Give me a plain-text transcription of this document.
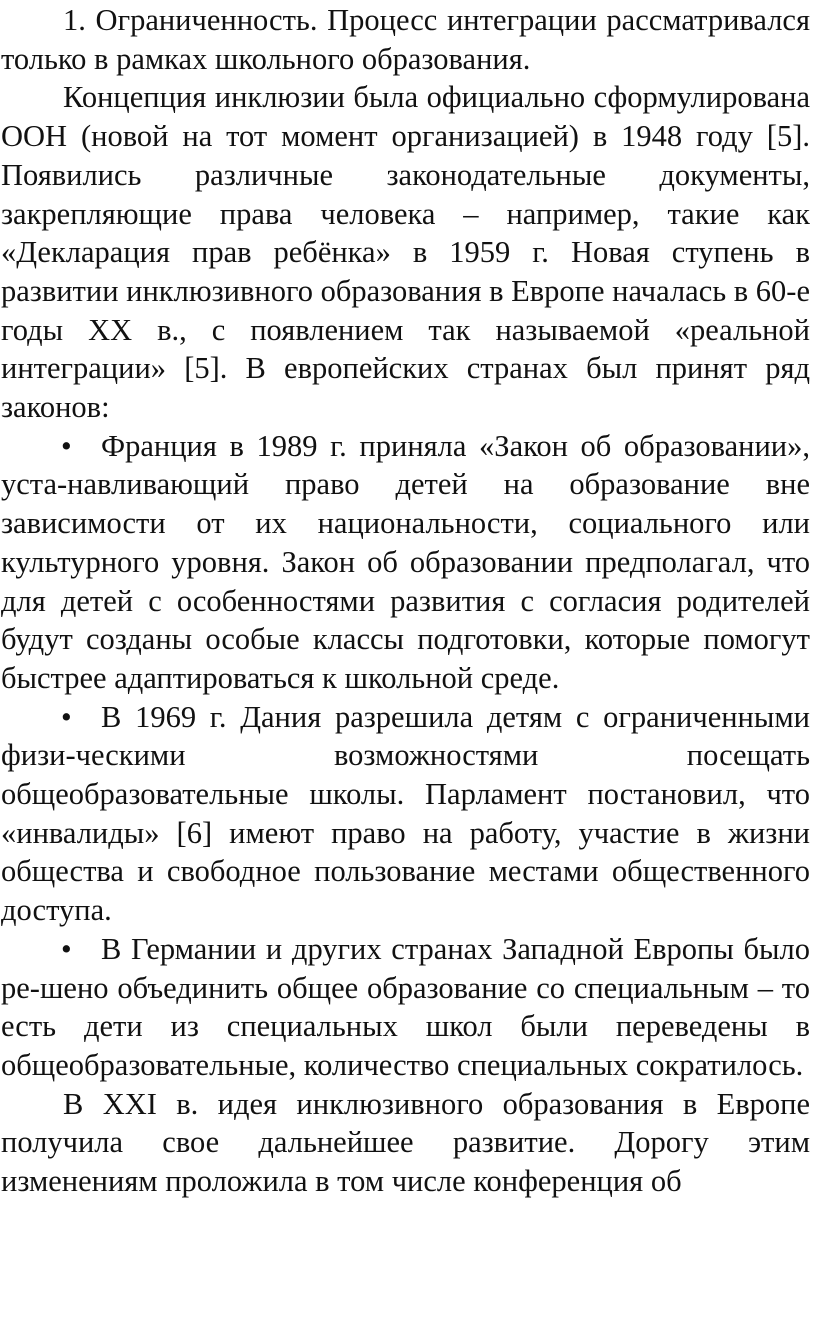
1. Ограниченность. Процесс интеграции рассматривался только в рамках школьного образования.

Концепция инклюзии была официально сформулирована ООН (новой на тот момент организацией) в 1948 году [5]. Появились различные законодательные документы, закрепляющие права человека – например, такие как «Декларация прав ребёнка» в 1959 г. Новая ступень в развитии инклюзивного образования в Европе началась в 60-е годы XX в., с появлением так называемой «реальной интеграции» [5]. В европейских странах был принят ряд законов:

• Франция в 1989 г. приняла «Закон об образовании», уста-навливающий право детей на образование вне зависимости от их национальности, социального или культурного уровня. Закон об образовании предполагал, что для детей с особенностями развития с согласия родителей будут созданы особые классы подготовки, которые помогут быстрее адаптироваться к школьной среде.

• В 1969 г. Дания разрешила детям с ограниченными физи-ческими возможностями посещать общеобразовательные школы. Парламент постановил, что «инвалиды» [6] имеют право на работу, участие в жизни общества и свободное пользование местами общественного доступа.

• В Германии и других странах Западной Европы было ре-шено объединить общее образование со специальным – то есть дети из специальных школ были переведены в общеобразовательные, количество специальных сократилось.

В XXI в. идея инклюзивного образования в Европе получила свое дальнейшее развитие. Дорогу этим изменениям проложила в том числе конференция об
